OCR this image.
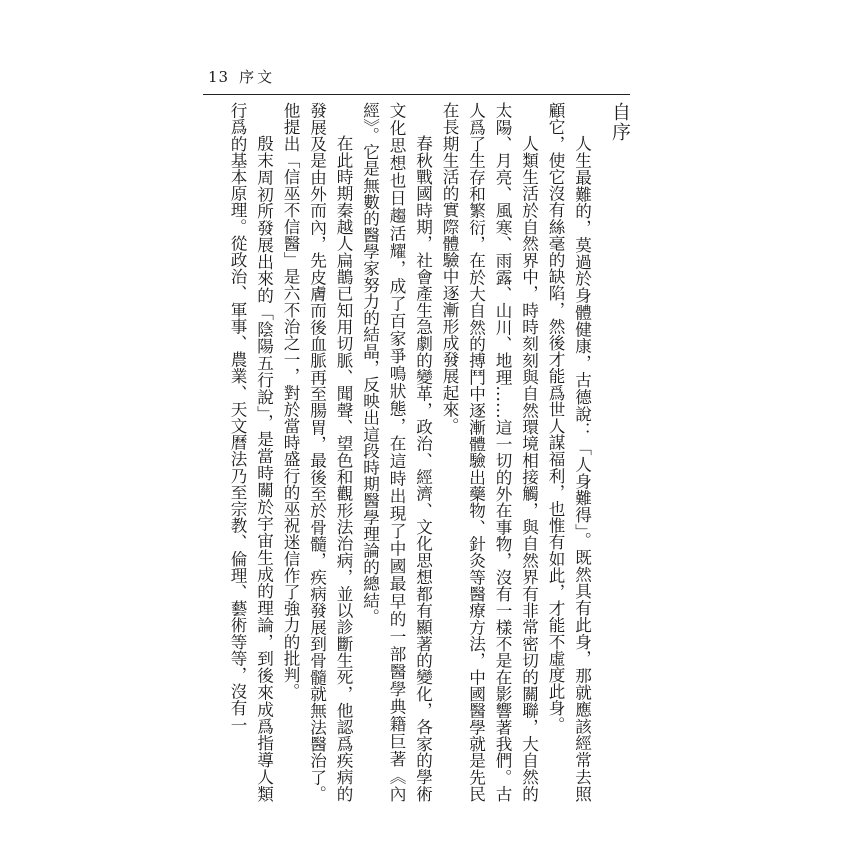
13 序文
自序

人生最難的，莫過於身體健康，古德說：「人身難得」。既然具有此身，那就應該經常去照顧它，使它沒有絲毫的缺陷，然後才能爲世人謀福利，也惟有如此，才能不虛度此身。

人類生活於自然界中，時時刻刻與自然環境相接觸，與自然界有非常密切的關聯，大自然的太陽、月亮、風寒、雨露、山川、地理……這一切的外在事物，沒有一樣不是在影響著我們。古人爲了生存和繁衍，在於大自然的搏鬥中逐漸體驗出藥物、針灸等醫療方法，中國醫學就是先民在長期生活的實際體驗中逐漸形成發展起來。

春秋戰國時期，社會產生急劇的變革，政治、經濟、文化思想都有顯著的變化，各家的學術文化思想也日趨活耀，成了百家爭鳴狀態，在這時出現了中國最早的一部醫學典籍巨著《內經》。它是無數的醫學家努力的結晶，反映出這段時期醫學理論的總結。

在此時期秦越人扁鵲已知用切脈、聞聲、望色和觀形法治病，並以診斷生死，他認爲疾病的發展及是由外而內，先皮膚而後血脈再至腸胃，最後至於骨髓，疾病發展到骨髓就無法醫治了。他提出「信巫不信醫」是六不治之一，對於當時盛行的巫祝迷信作了強力的批判。

殷末周初所發展出來的「陰陽五行說」，是當時關於宇宙生成的理論，到後來成爲指導人類行爲的基本原理。從政治、軍事、農業、天文曆法乃至宗教、倫理、藝術等等，沒有一
